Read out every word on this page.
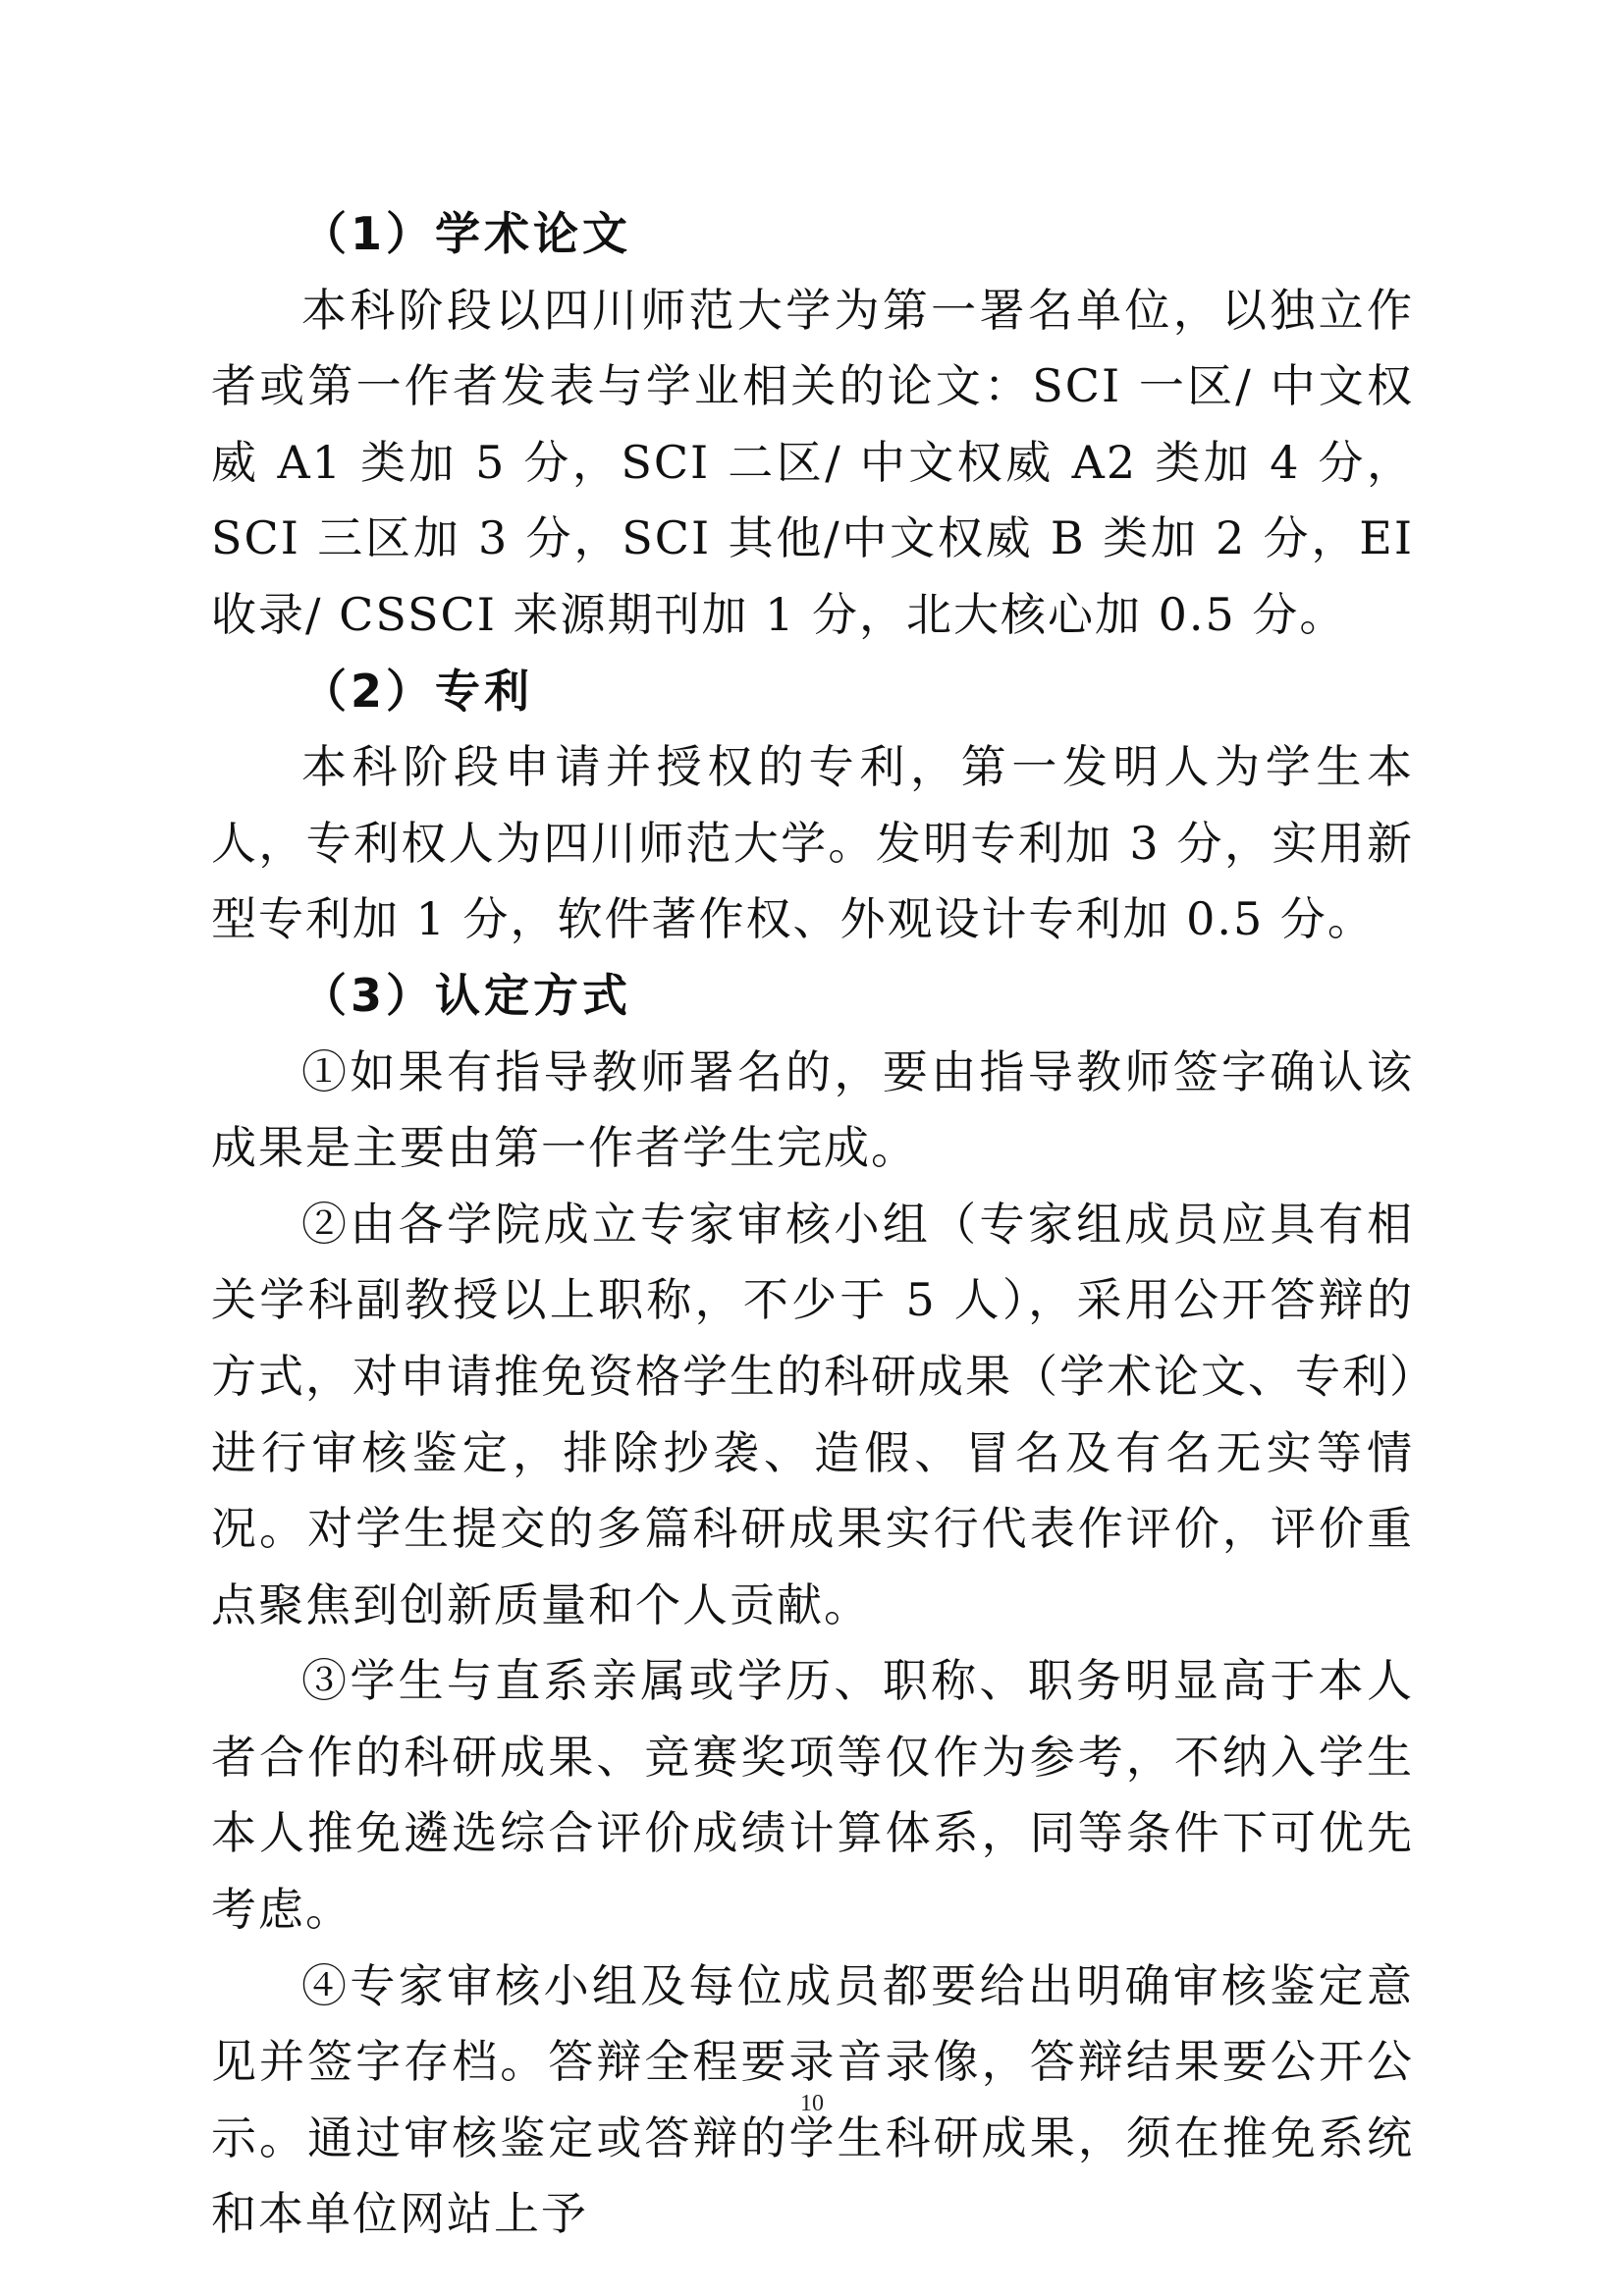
（1）学术论文

本科阶段以四川师范大学为第一署名单位，以独立作者或第一作者发表与学业相关的论文：SCI 一区/ 中文权威 A1 类加 5 分，SCI 二区/ 中文权威 A2 类加 4 分，SCI 三区加 3 分，SCI 其他/中文权威 B 类加 2 分，EI 收录/ CSSCI 来源期刊加 1 分，北大核心加 0.5 分。

（2）专利

本科阶段申请并授权的专利，第一发明人为学生本人，专利权人为四川师范大学。发明专利加 3 分，实用新型专利加 1 分，软件著作权、外观设计专利加 0.5 分。

（3）认定方式

①如果有指导教师署名的，要由指导教师签字确认该成果是主要由第一作者学生完成。

②由各学院成立专家审核小组（专家组成员应具有相关学科副教授以上职称，不少于 5 人），采用公开答辩的方式，对申请推免资格学生的科研成果（学术论文、专利）进行审核鉴定，排除抄袭、造假、冒名及有名无实等情况。对学生提交的多篇科研成果实行代表作评价，评价重点聚焦到创新质量和个人贡献。

③学生与直系亲属或学历、职称、职务明显高于本人者合作的科研成果、竞赛奖项等仅作为参考，不纳入学生本人推免遴选综合评价成绩计算体系，同等条件下可优先考虑。

④专家审核小组及每位成员都要给出明确审核鉴定意见并签字存档。答辩全程要录音录像，答辩结果要公开公示。通过审核鉴定或答辩的学生科研成果，须在推免系统和本单位网站上予

10
